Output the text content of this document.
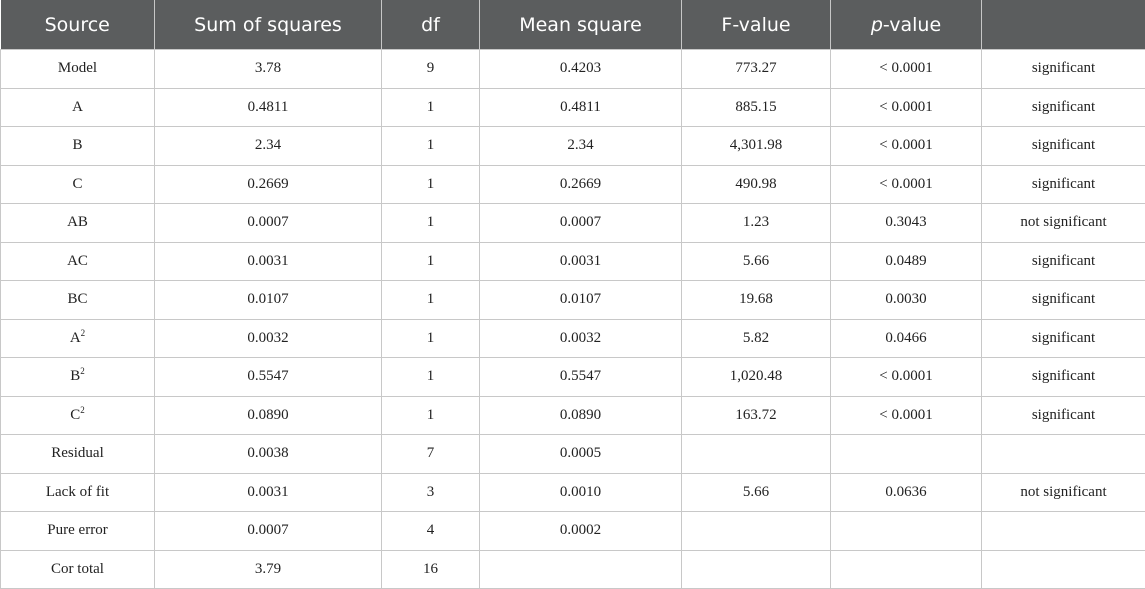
Source	Sum of squares	df	Mean square	F-value	p-value	
Model	3.78	9	0.4203	773.27	< 0.0001	significant
A	0.4811	1	0.4811	885.15	< 0.0001	significant
B	2.34	1	2.34	4,301.98	< 0.0001	significant
C	0.2669	1	0.2669	490.98	< 0.0001	significant
AB	0.0007	1	0.0007	1.23	0.3043	not significant
AC	0.0031	1	0.0031	5.66	0.0489	significant
BC	0.0107	1	0.0107	19.68	0.0030	significant
$A^2$	0.0032	1	0.0032	5.82	0.0466	significant
$B^2$	0.5547	1	0.5547	1,020.48	< 0.0001	significant
$C^2$	0.0890	1	0.0890	163.72	< 0.0001	significant
Residual	0.0038	7	0.0005			
Lack of fit	0.0031	3	0.0010	5.66	0.0636	not significant
Pure error	0.0007	4	0.0002			
Cor total	3.79	16				
